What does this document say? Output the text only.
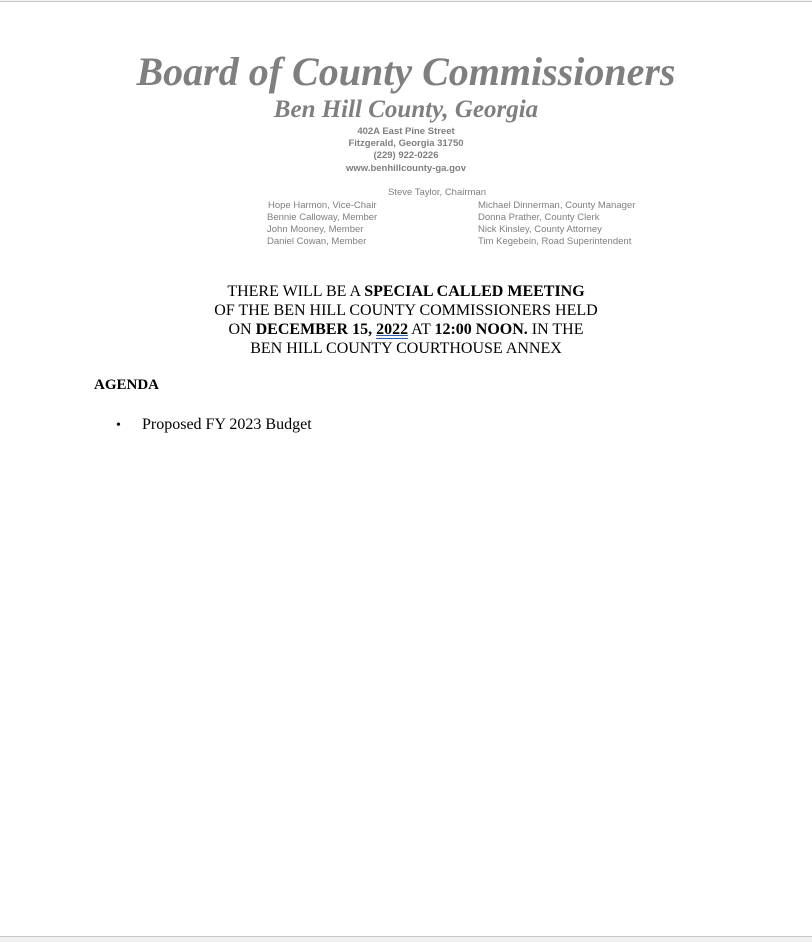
Board of County Commissioners
Ben Hill County, Georgia
402A East Pine Street
Fitzgerald, Georgia 31750
(229) 922-0226
www.benhillcounty-ga.gov
Steve Taylor, Chairman
Hope Harmon, Vice-Chair
Bennie Calloway, Member
John Mooney, Member
Daniel Cowan, Member
Michael Dinnerman, County Manager
Donna Prather, County Clerk
Nick Kinsley, County Attorney
Tim Kegebein, Road Superintendent
THERE WILL BE A SPECIAL CALLED MEETING
OF THE BEN HILL COUNTY COMMISSIONERS HELD
ON DECEMBER 15, 2022 AT 12:00 NOON. IN THE
BEN HILL COUNTY COURTHOUSE ANNEX
AGENDA
• Proposed FY 2023 Budget
